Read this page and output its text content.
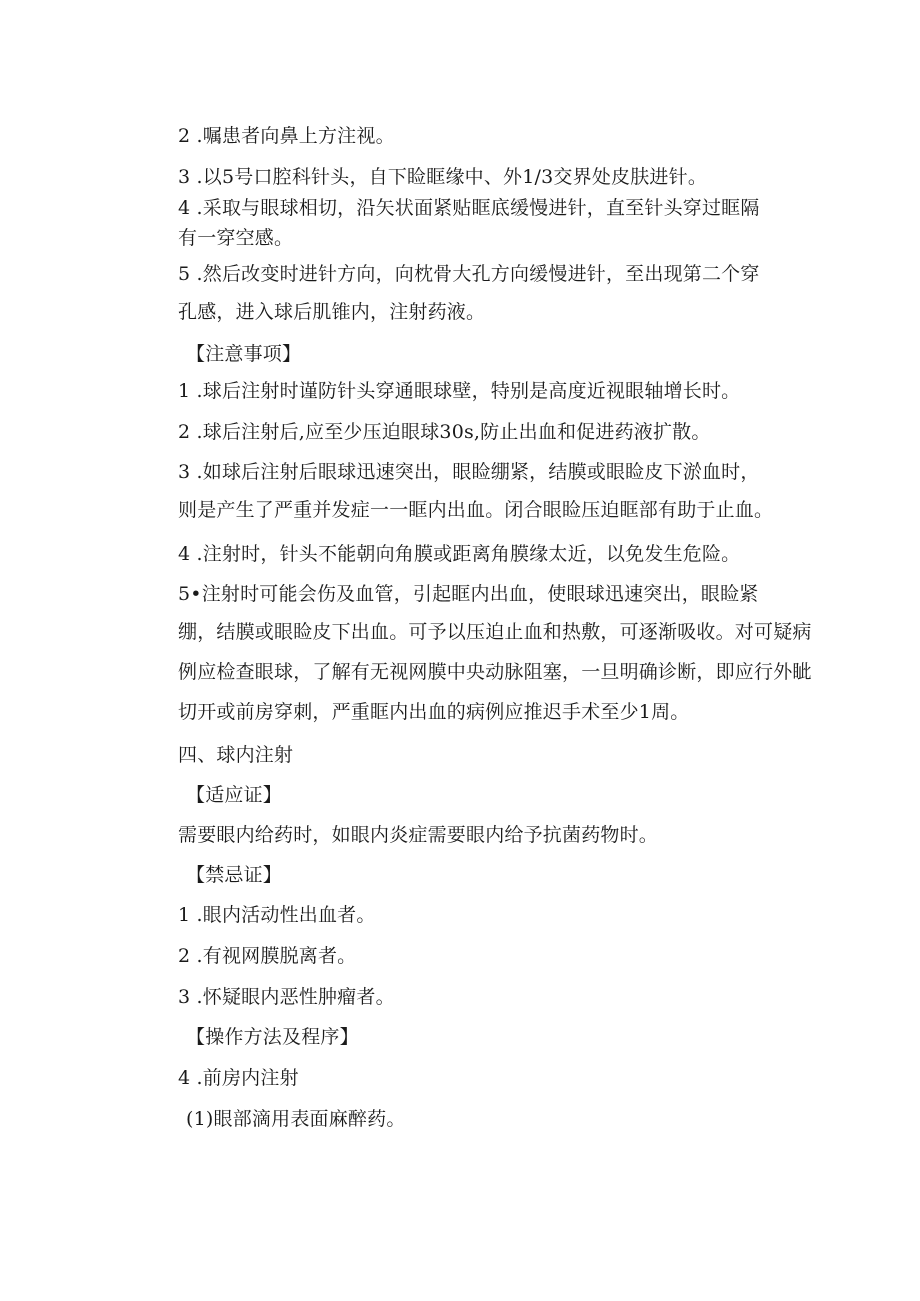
2 .嘱患者向鼻上方注视。
3 .以5号口腔科针头，自下睑眶缘中、外1/3交界处皮肤进针。
4 .采取与眼球相切，沿矢状面紧贴眶底缓慢进针，直至针头穿过眶隔
有一穿空感。
5 .然后改变时进针方向，向枕骨大孔方向缓慢进针，至出现第二个穿
孔感，进入球后肌锥内，注射药液。
【注意事项】
1 .球后注射时谨防针头穿通眼球壁，特别是高度近视眼轴增长时。
2 .球后注射后,应至少压迫眼球30s,防止出血和促进药液扩散。
3 .如球后注射后眼球迅速突出，眼睑绷紧，结膜或眼睑皮下淤血时，
则是产生了严重并发症一一眶内出血。闭合眼睑压迫眶部有助于止血。
4 .注射时，针头不能朝向角膜或距离角膜缘太近，以免发生危险。
5•注射时可能会伤及血管，引起眶内出血，使眼球迅速突出，眼睑紧
绷，结膜或眼睑皮下出血。可予以压迫止血和热敷，可逐渐吸收。对可疑病
例应检查眼球，了解有无视网膜中央动脉阻塞，一旦明确诊断，即应行外眦
切开或前房穿刺，严重眶内出血的病例应推迟手术至少1周。
四、球内注射
【适应证】
需要眼内给药时，如眼内炎症需要眼内给予抗菌药物时。
【禁忌证】
1 .眼内活动性出血者。
2 .有视网膜脱离者。
3 .怀疑眼内恶性肿瘤者。
【操作方法及程序】
4 .前房内注射
(1)眼部滴用表面麻醉药。
